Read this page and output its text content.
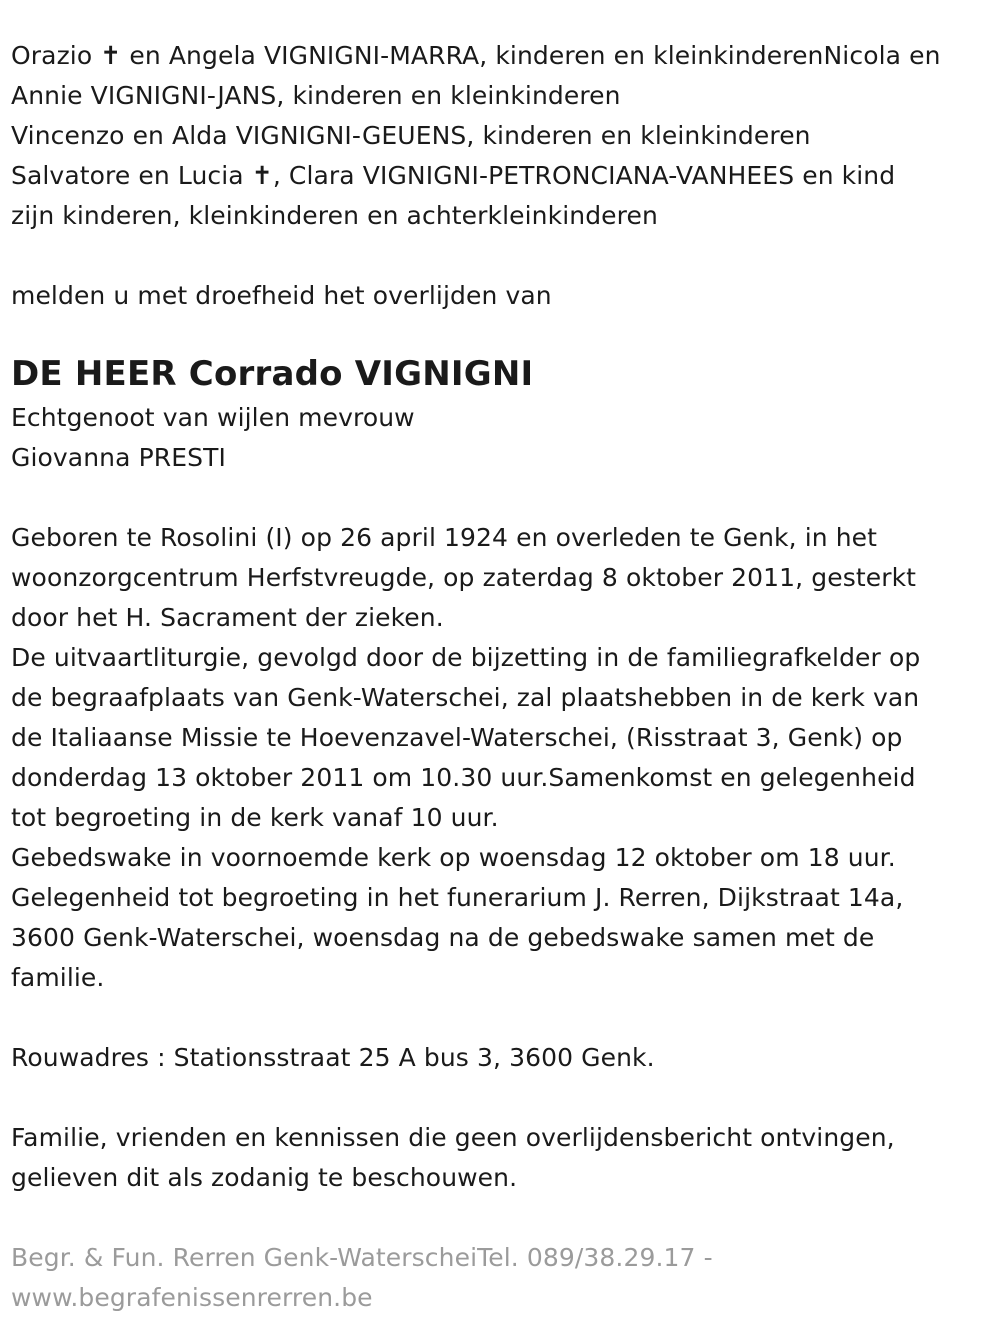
Orazio ✝ en Angela VIGNIGNI-MARRA, kinderen en kleinkinderenNicola en
Annie VIGNIGNI-JANS, kinderen en kleinkinderen
Vincenzo en Alda VIGNIGNI-GEUENS, kinderen en kleinkinderen
Salvatore en Lucia ✝, Clara VIGNIGNI-PETRONCIANA-VANHEES en kind
zijn kinderen, kleinkinderen en achterkleinkinderen
melden u met droefheid het overlijden van
DE HEER Corrado VIGNIGNI
Echtgenoot van wijlen mevrouw
Giovanna PRESTI
Geboren te Rosolini (I) op 26 april 1924 en overleden te Genk, in het
woonzorgcentrum Herfstvreugde, op zaterdag 8 oktober 2011, gesterkt
door het H. Sacrament der zieken.
De uitvaartliturgie, gevolgd door de bijzetting in de familiegrafkelder op
de begraafplaats van Genk-Waterschei, zal plaatshebben in de kerk van
de Italiaanse Missie te Hoevenzavel-Waterschei, (Risstraat 3, Genk) op
donderdag 13 oktober 2011 om 10.30 uur.Samenkomst en gelegenheid
tot begroeting in de kerk vanaf 10 uur.
Gebedswake in voornoemde kerk op woensdag 12 oktober om 18 uur.
Gelegenheid tot begroeting in het funerarium J. Rerren, Dijkstraat 14a,
3600 Genk-Waterschei, woensdag na de gebedswake samen met de
familie.
Rouwadres : Stationsstraat 25 A bus 3, 3600 Genk.
Familie, vrienden en kennissen die geen overlijdensbericht ontvingen,
gelieven dit als zodanig te beschouwen.
Begr. & Fun. Rerren Genk-WaterscheiTel. 089/38.29.17 -
www.begrafenissenrerren.be
